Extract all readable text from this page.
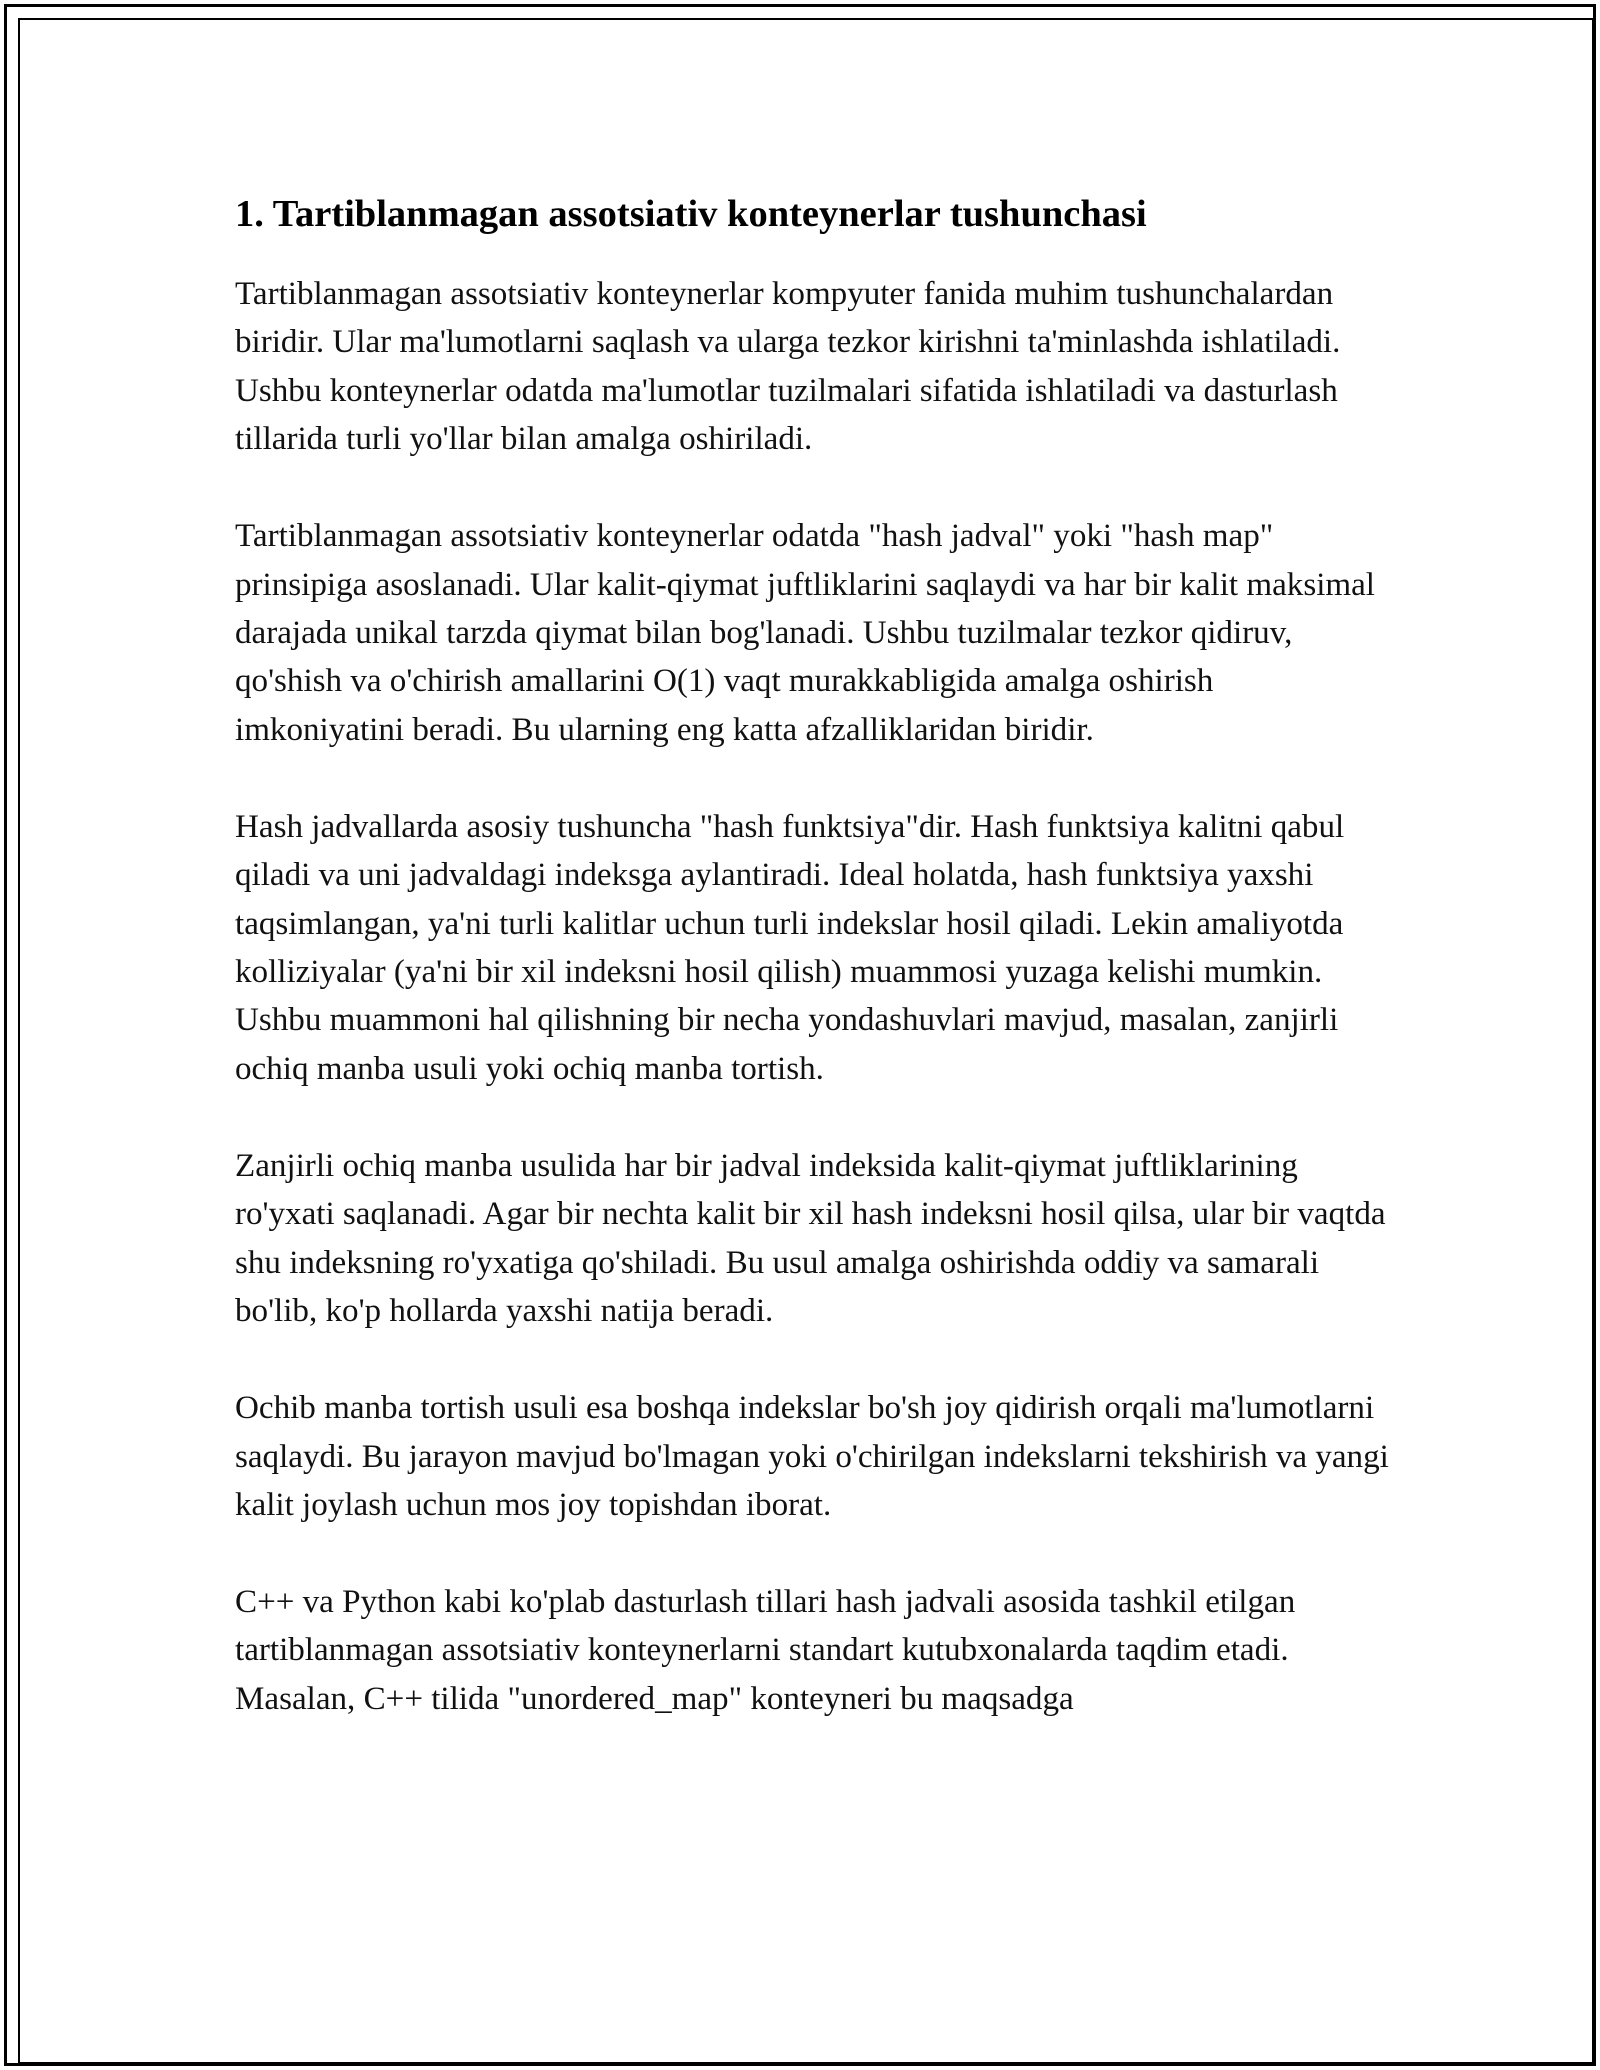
1. Tartiblanmagan assotsiativ konteynerlar tushunchasi

Tartiblanmagan assotsiativ konteynerlar kompyuter fanida muhim tushunchalardan biridir. Ular ma'lumotlarni saqlash va ularga tezkor kirishni ta'minlashda ishlatiladi. Ushbu konteynerlar odatda ma'lumotlar tuzilmalari sifatida ishlatiladi va dasturlash tillarida turli yo'llar bilan amalga oshiriladi.

Tartiblanmagan assotsiativ konteynerlar odatda "hash jadval" yoki "hash map" prinsipiga asoslanadi. Ular kalit-qiymat juftliklarini saqlaydi va har bir kalit maksimal darajada unikal tarzda qiymat bilan bog'lanadi. Ushbu tuzilmalar tezkor qidiruv, qo'shish va o'chirish amallarini O(1) vaqt murakkabligida amalga oshirish imkoniyatini beradi. Bu ularning eng katta afzalliklaridan biridir.

Hash jadvallarda asosiy tushuncha "hash funktsiya"dir. Hash funktsiya kalitni qabul qiladi va uni jadvaldagi indeksga aylantiradi. Ideal holatda, hash funktsiya yaxshi taqsimlangan, ya'ni turli kalitlar uchun turli indekslar hosil qiladi. Lekin amaliyotda kolliziyalar (ya'ni bir xil indeksni hosil qilish) muammosi yuzaga kelishi mumkin. Ushbu muammoni hal qilishning bir necha yondashuvlari mavjud, masalan, zanjirli ochiq manba usuli yoki ochiq manba tortish.

Zanjirli ochiq manba usulida har bir jadval indeksida kalit-qiymat juftliklarining ro'yxati saqlanadi. Agar bir nechta kalit bir xil hash indeksni hosil qilsa, ular bir vaqtda shu indeksning ro'yxatiga qo'shiladi. Bu usul amalga oshirishda oddiy va samarali bo'lib, ko'p hollarda yaxshi natija beradi.

Ochib manba tortish usuli esa boshqa indekslar bo'sh joy qidirish orqali ma'lumotlarni saqlaydi. Bu jarayon mavjud bo'lmagan yoki o'chirilgan indekslarni tekshirish va yangi kalit joylash uchun mos joy topishdan iborat.

C++ va Python kabi ko'plab dasturlash tillari hash jadvali asosida tashkil etilgan tartiblanmagan assotsiativ konteynerlarni standart kutubxonalarda taqdim etadi. Masalan, C++ tilida "unordered_map" konteyneri bu maqsadga
